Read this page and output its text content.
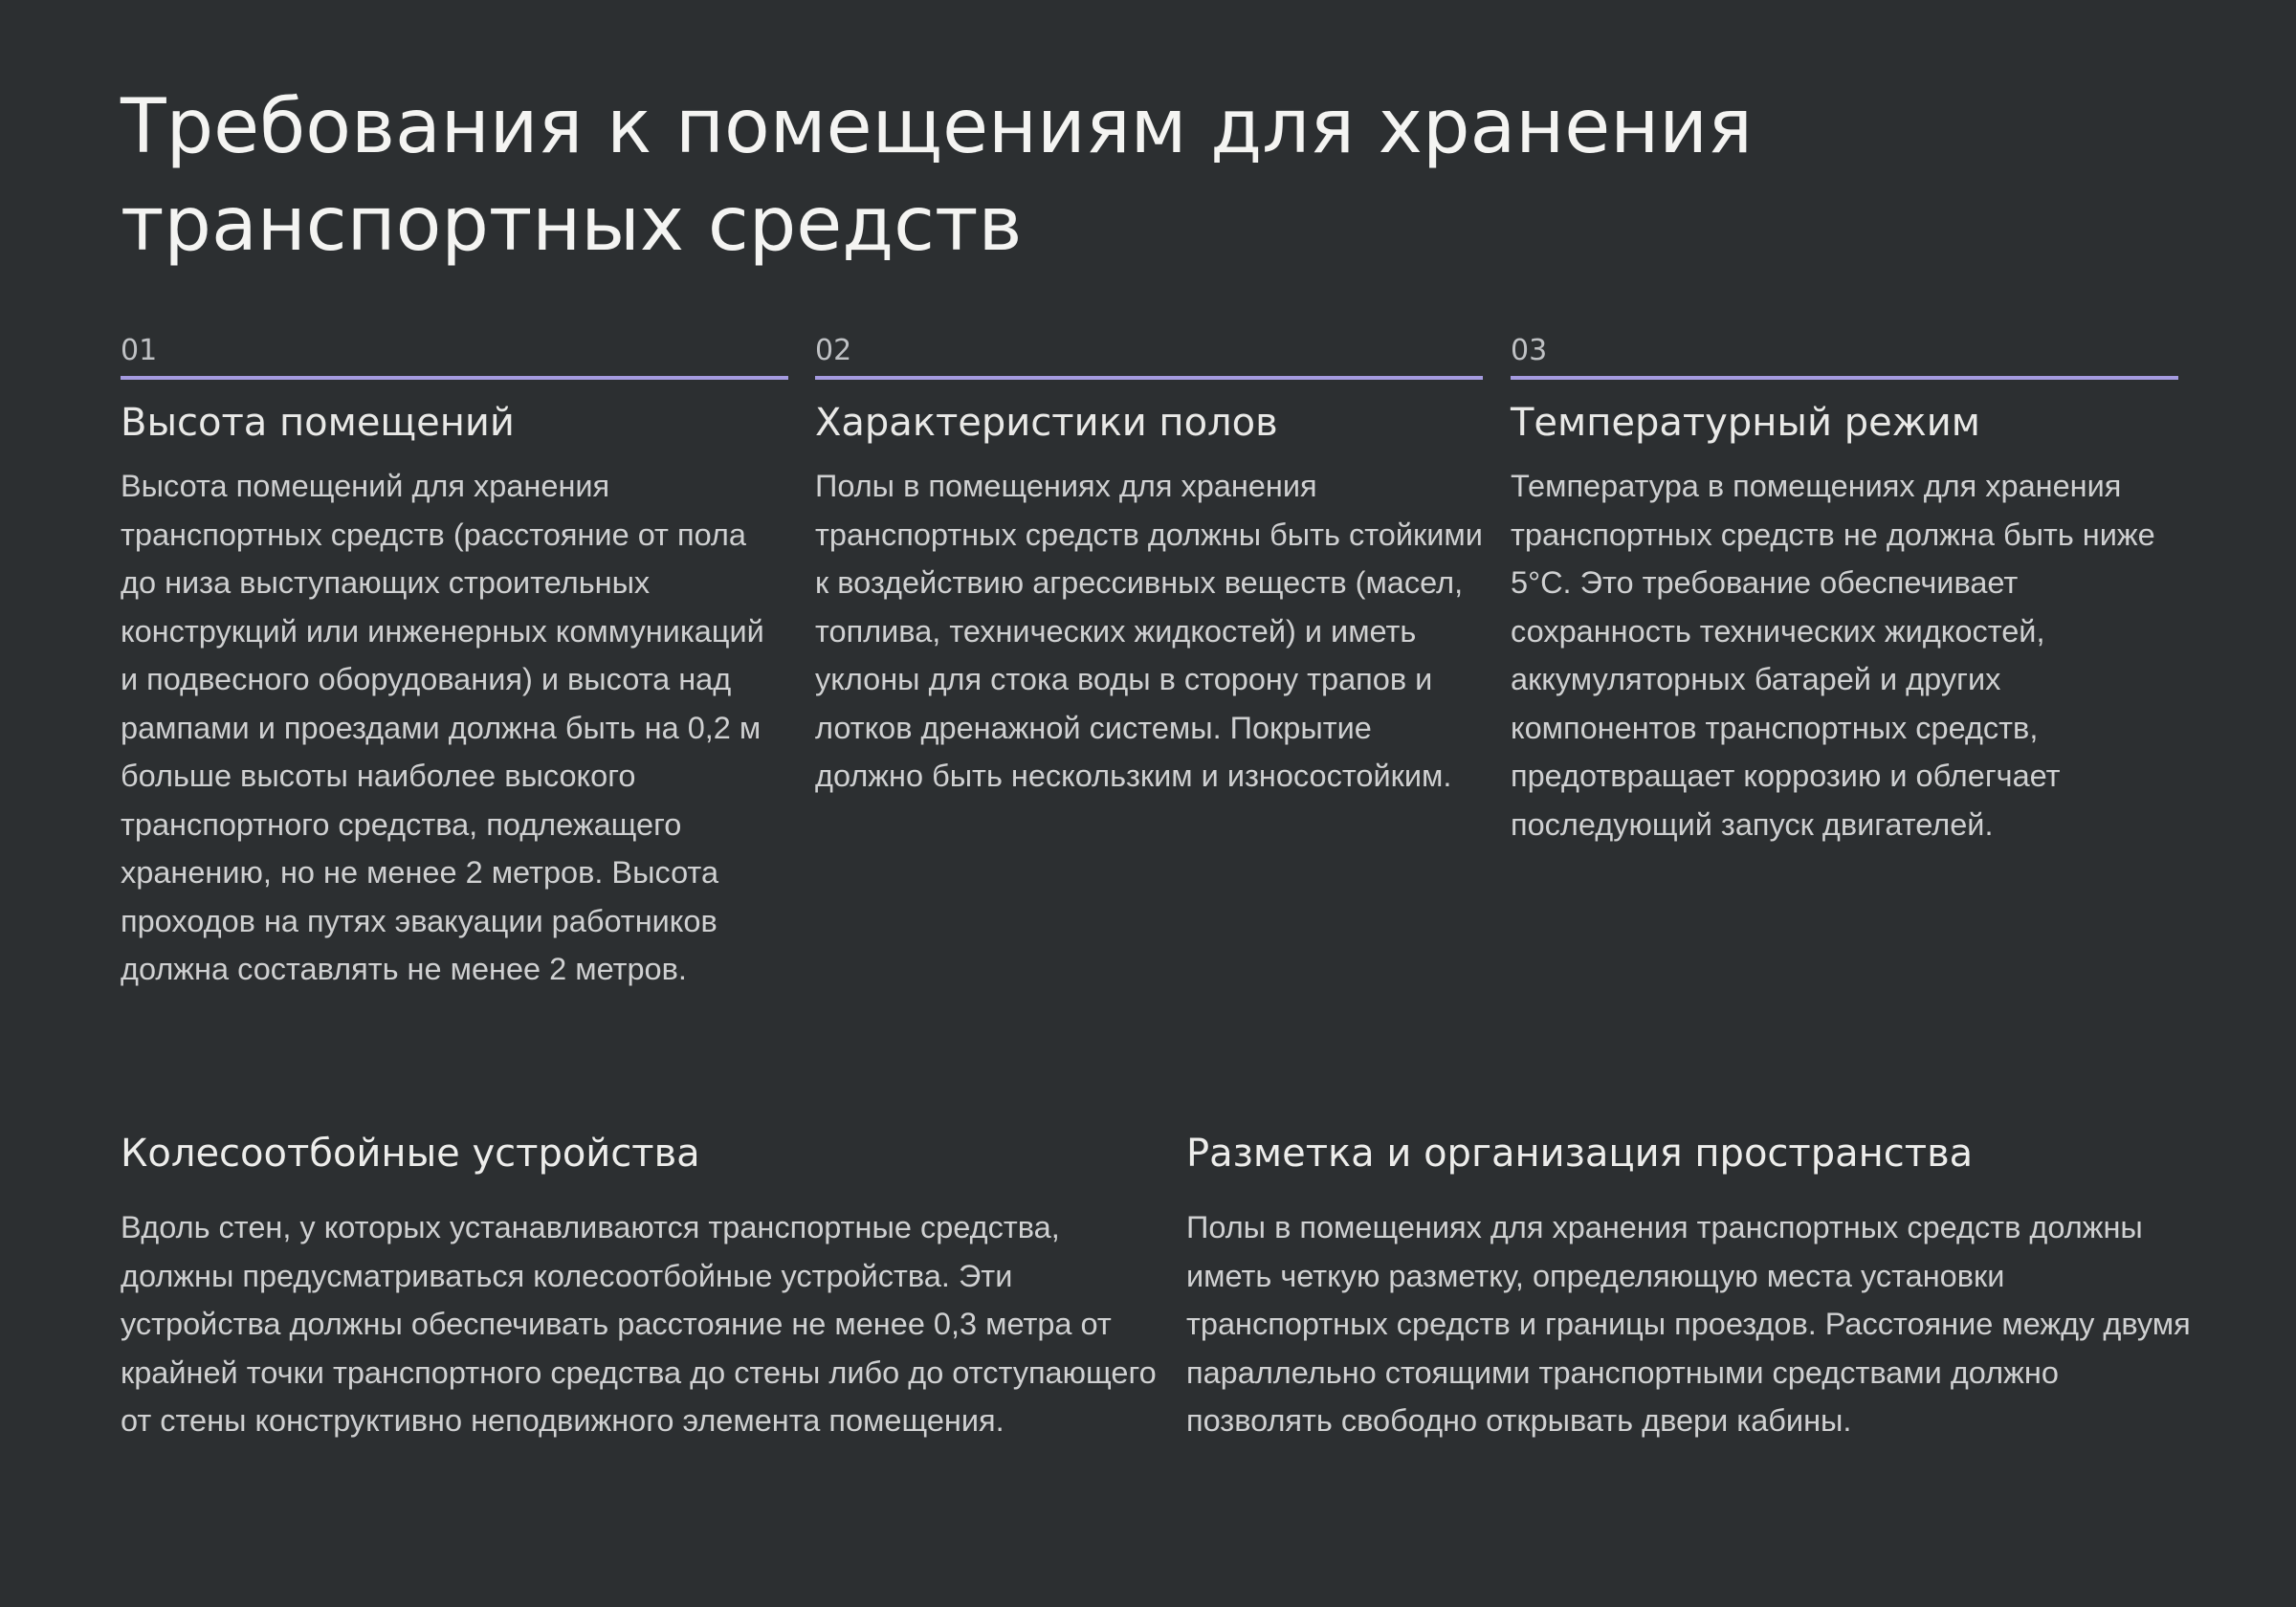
Требования к помещениям для хранения транспортных средств
01
Высота помещений

Высота помещений для хранения транспортных средств (расстояние от пола до низа выступающих строительных конструкций или инженерных коммуникаций и подвесного оборудования) и высота над рампами и проездами должна быть на 0,2 м больше высоты наиболее высокого транспортного средства, подлежащего хранению, но не менее 2 метров. Высота проходов на путях эвакуации работников должна составлять не менее 2 метров.

02
Характеристики полов

Полы в помещениях для хранения транспортных средств должны быть стойкими к воздействию агрессивных веществ (масел, топлива, технических жидкостей) и иметь уклоны для стока воды в сторону трапов и лотков дренажной системы. Покрытие должно быть нескользким и износостойким.

03
Температурный режим

Температура в помещениях для хранения транспортных средств не должна быть ниже 5°С. Это требование обеспечивает сохранность технических жидкостей, аккумуляторных батарей и других компонентов транспортных средств, предотвращает коррозию и облегчает последующий запуск двигателей.

Колесоотбойные устройства

Вдоль стен, у которых устанавливаются транспортные средства, должны предусматриваться колесоотбойные устройства. Эти устройства должны обеспечивать расстояние не менее 0,3 метра от крайней точки транспортного средства до стены либо до отступающего от стены конструктивно неподвижного элемента помещения.

Разметка и организация пространства

Полы в помещениях для хранения транспортных средств должны иметь четкую разметку, определяющую места установки транспортных средств и границы проездов. Расстояние между двумя параллельно стоящими транспортными средствами должно позволять свободно открывать двери кабины.
